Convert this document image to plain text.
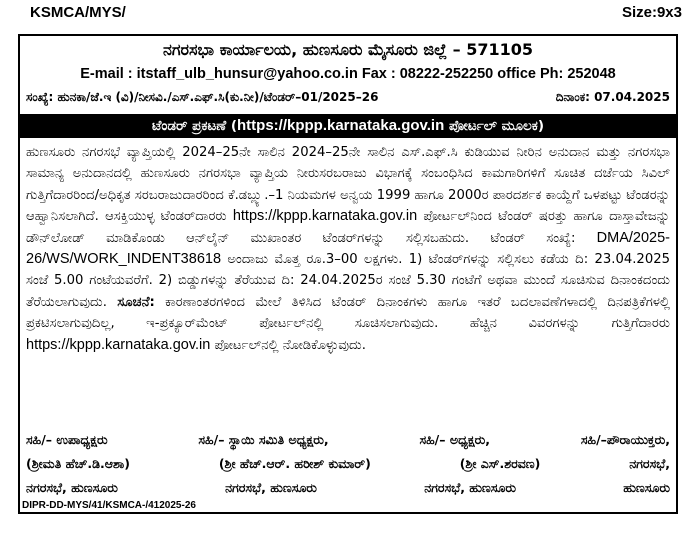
KSMCA/MYS/	Size:9x3
ನಗರಸಭಾ ಕಾರ್ಯಾಲಯ, ಹುಣಸೂರು ಮೈಸೂರು ಜಿಲ್ಲೆ – 571105
E-mail : itstaff_ulb_hunsur@yahoo.co.in Fax : 08222-252250 office Ph: 252048
ಸಂಖ್ಯೆ: ಹುನಕಾ/ಜೆ.ಇ (ವಿ)/ನೀಸವಿ./ಎಸ್.ಎಫ್.ಸಿ(ಕು.ನೀ)/ಟೆಂಡರ್–01/2025–26	ದಿನಾಂಕ: 07.04.2025
ಟೆಂಡರ್ ಪ್ರಕಟಣೆ (https://kppp.karnataka.gov.in ಪೋರ್ಟಲ್ ಮೂಲಕ)
ಹುಣಸೂರು ನಗರಸಭೆ ವ್ಯಾಪ್ತಿಯಲ್ಲಿ 2024–25ನೇ ಸಾಲಿನ 2024–25ನೇ ಸಾಲಿನ ಎಸ್.ಎಫ್.ಸಿ ಕುಡಿಯುವ ನೀರಿನ ಅನುದಾನ ಮತ್ತು ನಗರಸಭಾ ಸಾಮಾನ್ಯ ಅನುದಾನದಲ್ಲಿ ಹುಣಸೂರು ನಗರಸಭಾ ವ್ಯಾಪ್ತಿಯ ನೀರುಸರಬರಾಜು ವಿಭಾಗಕ್ಕೆ ಸಂಬಂಧಿಸಿದ ಕಾಮಗಾರಿಗಳಿಗೆ ಸೂಚಿತ ದರ್ಜೆಯ ಸಿವಿಲ್ ಗುತ್ತಿಗೆದಾರರಿಂದ/ಅಧಿಕೃತ ಸರಬರಾಜುದಾರರಿಂದ ಕೆ.ಡಬ್ಲ್ಯು.–1 ನಿಯಮಗಳ ಅನ್ವಯ 1999 ಹಾಗೂ 2000ರ ಪಾರದರ್ಶಕ ಕಾಯ್ದೆಗೆ ಒಳಪಟ್ಟು ಟೆಂಡರನ್ನು ಆಹ್ವಾನಿಸಲಾಗಿದೆ. ಆಸಕ್ತಿಯುಳ್ಳ ಟೆಂಡರ್‌ದಾರರು https://kppp.karnataka.gov.in ಪೋರ್ಟಲ್‌ನಿಂದ ಟೆಂಡರ್ ಷರತ್ತು ಹಾಗೂ ದಾಸ್ತಾವೇಜನ್ನು ಡೌನ್‌ಲೋಡ್ ಮಾಡಿಕೊಂಡು ಆನ್‌ಲೈನ್ ಮುಖಾಂತರ ಟೆಂಡರ್‌ಗಳನ್ನು ಸಲ್ಲಿಸಬಹುದು. ಟೆಂಡರ್ ಸಂಖ್ಯೆ: DMA/2025-26/WS/WORK_INDENT38618 ಅಂದಾಜು ಮೊತ್ತ ರೂ.3–00 ಲಕ್ಷಗಳು. 1) ಟೆಂಡರ್‌ಗಳನ್ನು ಸಲ್ಲಿಸಲು ಕಡೆಯ ದಿ: 23.04.2025 ಸಂಜೆ 5.00 ಗಂಟೆಯವರೆಗೆ. 2) ಬಿಡ್ಡುಗಳನ್ನು ತೆರೆಯುವ ದಿ: 24.04.2025ರ ಸಂಜೆ 5.30 ಗಂಟೆಗೆ ಅಥವಾ ಮುಂದೆ ಸೂಚಿಸುವ ದಿನಾಂಕದಂದು ತೆರೆಯಲಾಗುವುದು. ಸೂಚನೆ: ಕಾರಣಾಂತರಗಳಿಂದ ಮೇಲೆ ತಿಳಿಸಿದ ಟೆಂಡರ್ ದಿನಾಂಕಗಳು ಹಾಗೂ ಇತರೆ ಬದಲಾವಣೆಗಳಾದಲ್ಲಿ ದಿನಪತ್ರಿಕೆಗಳಲ್ಲಿ ಪ್ರಕಟಿಸಲಾಗುವುದಿಲ್ಲ, ಇ-ಪ್ರಕ್ಯೂರ್‌ಮೆಂಟ್ ಪೋರ್ಟಲ್‌ನಲ್ಲಿ ಸೂಚಿಸಲಾಗುವುದು. ಹೆಚ್ಚಿನ ವಿವರಗಳನ್ನು ಗುತ್ತಿಗೆದಾರರು https://kppp.karnataka.gov.in ಪೋರ್ಟಲ್‌ನಲ್ಲಿ ನೋಡಿಕೊಳ್ಳುವುದು.
ಸಹಿ/– ಉಪಾಧ್ಯಕ್ಷರು	ಸಹಿ/– ಸ್ಥಾಯಿ ಸಮಿತಿ ಅಧ್ಯಕ್ಷರು,	ಸಹಿ/– ಅಧ್ಯಕ್ಷರು,	ಸಹಿ/–ಪೌರಾಯುಕ್ತರು,
(ಶ್ರೀಮತಿ ಹೆಚ್.ಡಿ.ಆಶಾ)	(ಶ್ರೀ ಹೆಚ್.ಆರ್. ಹರೀಶ್ ಕುಮಾರ್)	(ಶ್ರೀ ಎಸ್.ಶರವಣ)	ನಗರಸಭೆ,
ನಗರಸಭೆ, ಹುಣಸೂರು	ನಗರಸಭೆ, ಹುಣಸೂರು	ನಗರಸಭೆ, ಹುಣಸೂರು	ಹುಣಸೂರು
DIPR-DD-MYS/41/KSMCA-/412025-26
